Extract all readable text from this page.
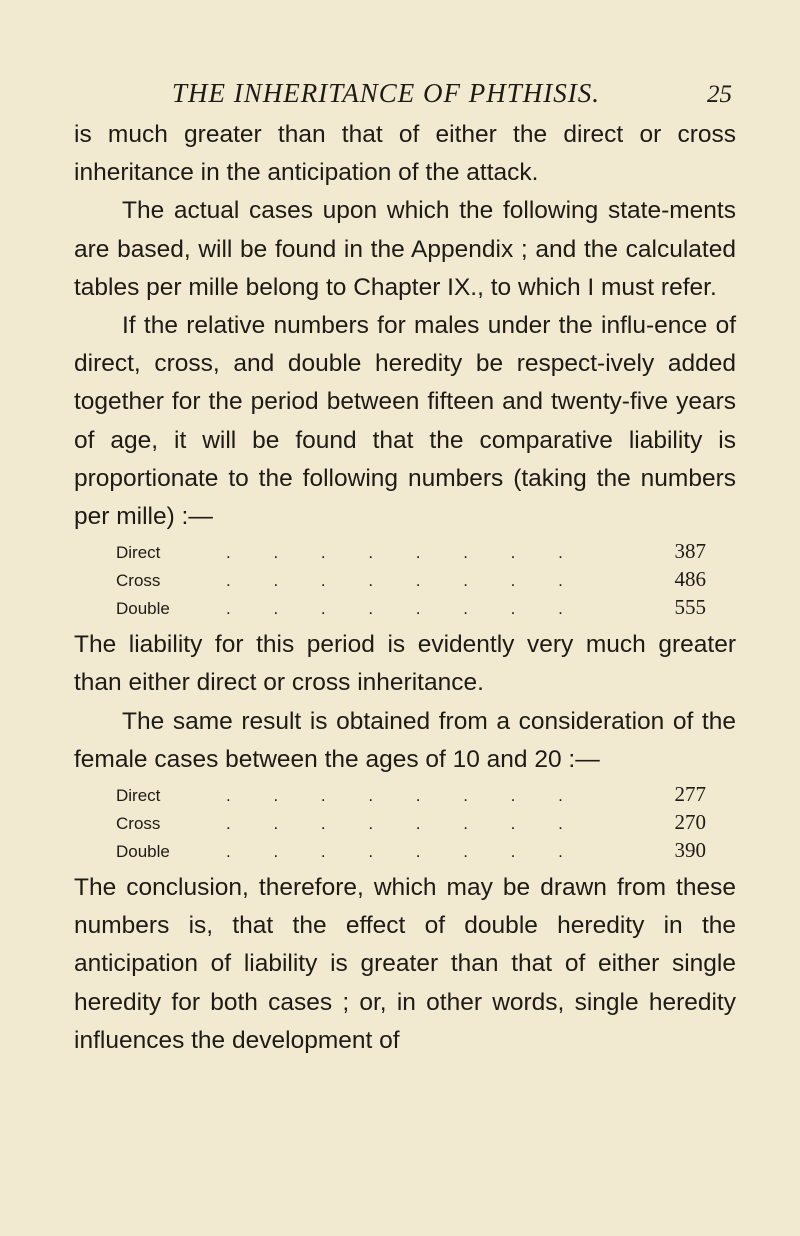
THE INHERITANCE OF PHTHISIS.	25

is much greater than that of either the direct or cross inheritance in the anticipation of the attack.

The actual cases upon which the following state-ments are based, will be found in the Appendix ; and the calculated tables per mille belong to Chapter IX., to which I must refer.

If the relative numbers for males under the influ-ence of direct, cross, and double heredity be respect-ively added together for the period between fifteen and twenty-five years of age, it will be found that the comparative liability is proportionate to the following numbers (taking the numbers per mille) :—

Direct	. . . . . . . .	387
Cross	. . . . . . . .	486
Double	. . . . . . . .	555

The liability for this period is evidently very much greater than either direct or cross inheritance.

The same result is obtained from a consideration of the female cases between the ages of 10 and 20 :—

Direct	. . . . . . . .	277
Cross	. . . . . . . .	270
Double	. . . . . . . .	390

The conclusion, therefore, which may be drawn from these numbers is, that the effect of double heredity in the anticipation of liability is greater than that of either single heredity for both cases ; or, in other words, single heredity influences the development of
